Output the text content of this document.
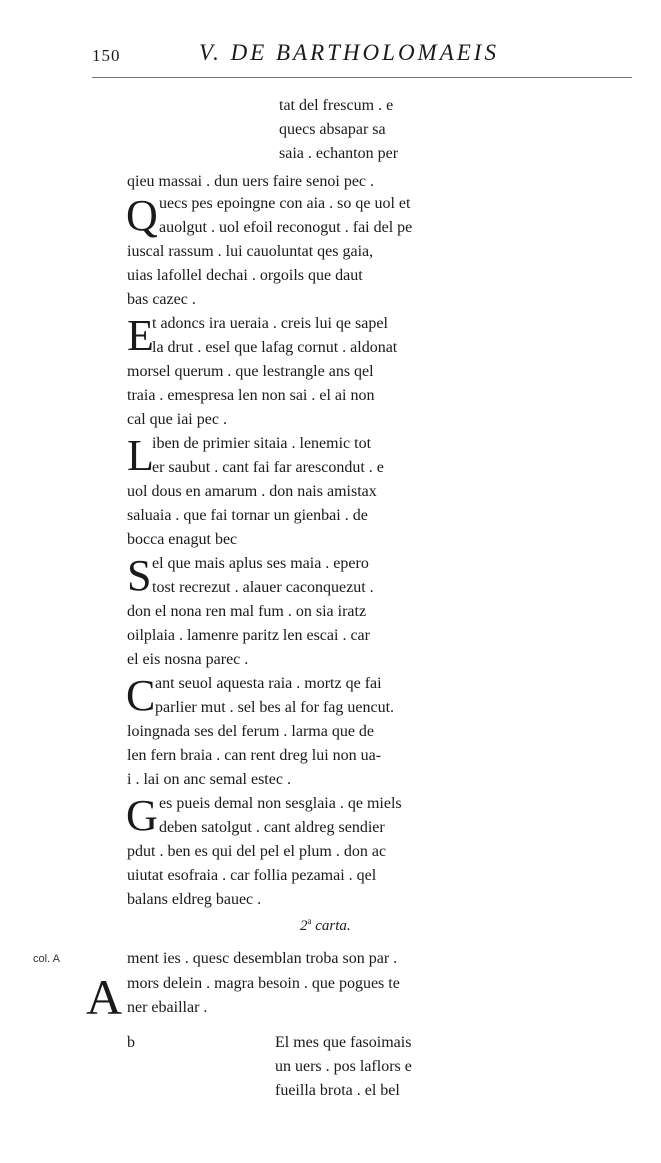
150	V. DE BARTHOLOMAEIS
tat del frescum . e
quecs absapar sa
saia . echanton per
qieu massai . dun uers faire senoi pec .
Q uecs pes epoingne con aia . so qe uol et
auolgut . uol efoil reconogut . fai del pe
iuscal rassum . lui cauoluntat qes gaia,
uias lafollel dechai . orgoils que daut
bas cazec .
E
t adoncs ira ueraia . creis lui qe sapel
la drut . esel que lafag cornut . aldonat
morsel querum . que lestrangle ans qel
traia . emespresa len non sai . el ai non
cal que iai pec .
L
iben de primier sitaia . lenemic tot
er saubut . cant fai far arescondut . e
uol dous en amarum . don nais amistax
saluaia . que fai tornar un gienbai . de
bocca enagut bec
S el que mais aplus ses maia . epero
tost recrezut . alauer caconquezut .
don el nona ren mal fum . on sia iratz
oilplaia . lamenre paritz len escai . car
el eis nosna parec .
C ant seuol aquesta raia . mortz qe fai
parlier mut . sel bes al for fag uencut.
loingnada ses del ferum . larma que de
len fern braia . can rent dreg lui non ua-
i . lai on anc semal estec .
G es pueis demal non sesglaia . qe miels
deben satolgut . cant aldreg sendier
pdut . ben es qui del pel el plum . don ac
uiutat esofraia . car follia pezamai . qel
balans eldreg bauec .
2$^a$ carta.
col. A	ment ies . quesc desemblan troba son par .
A mors delein . magra besoin . que pogues te
ner ebaillar .
b	El mes que fasoimais
un uers . pos laflors e
fueilla brota . el bel
